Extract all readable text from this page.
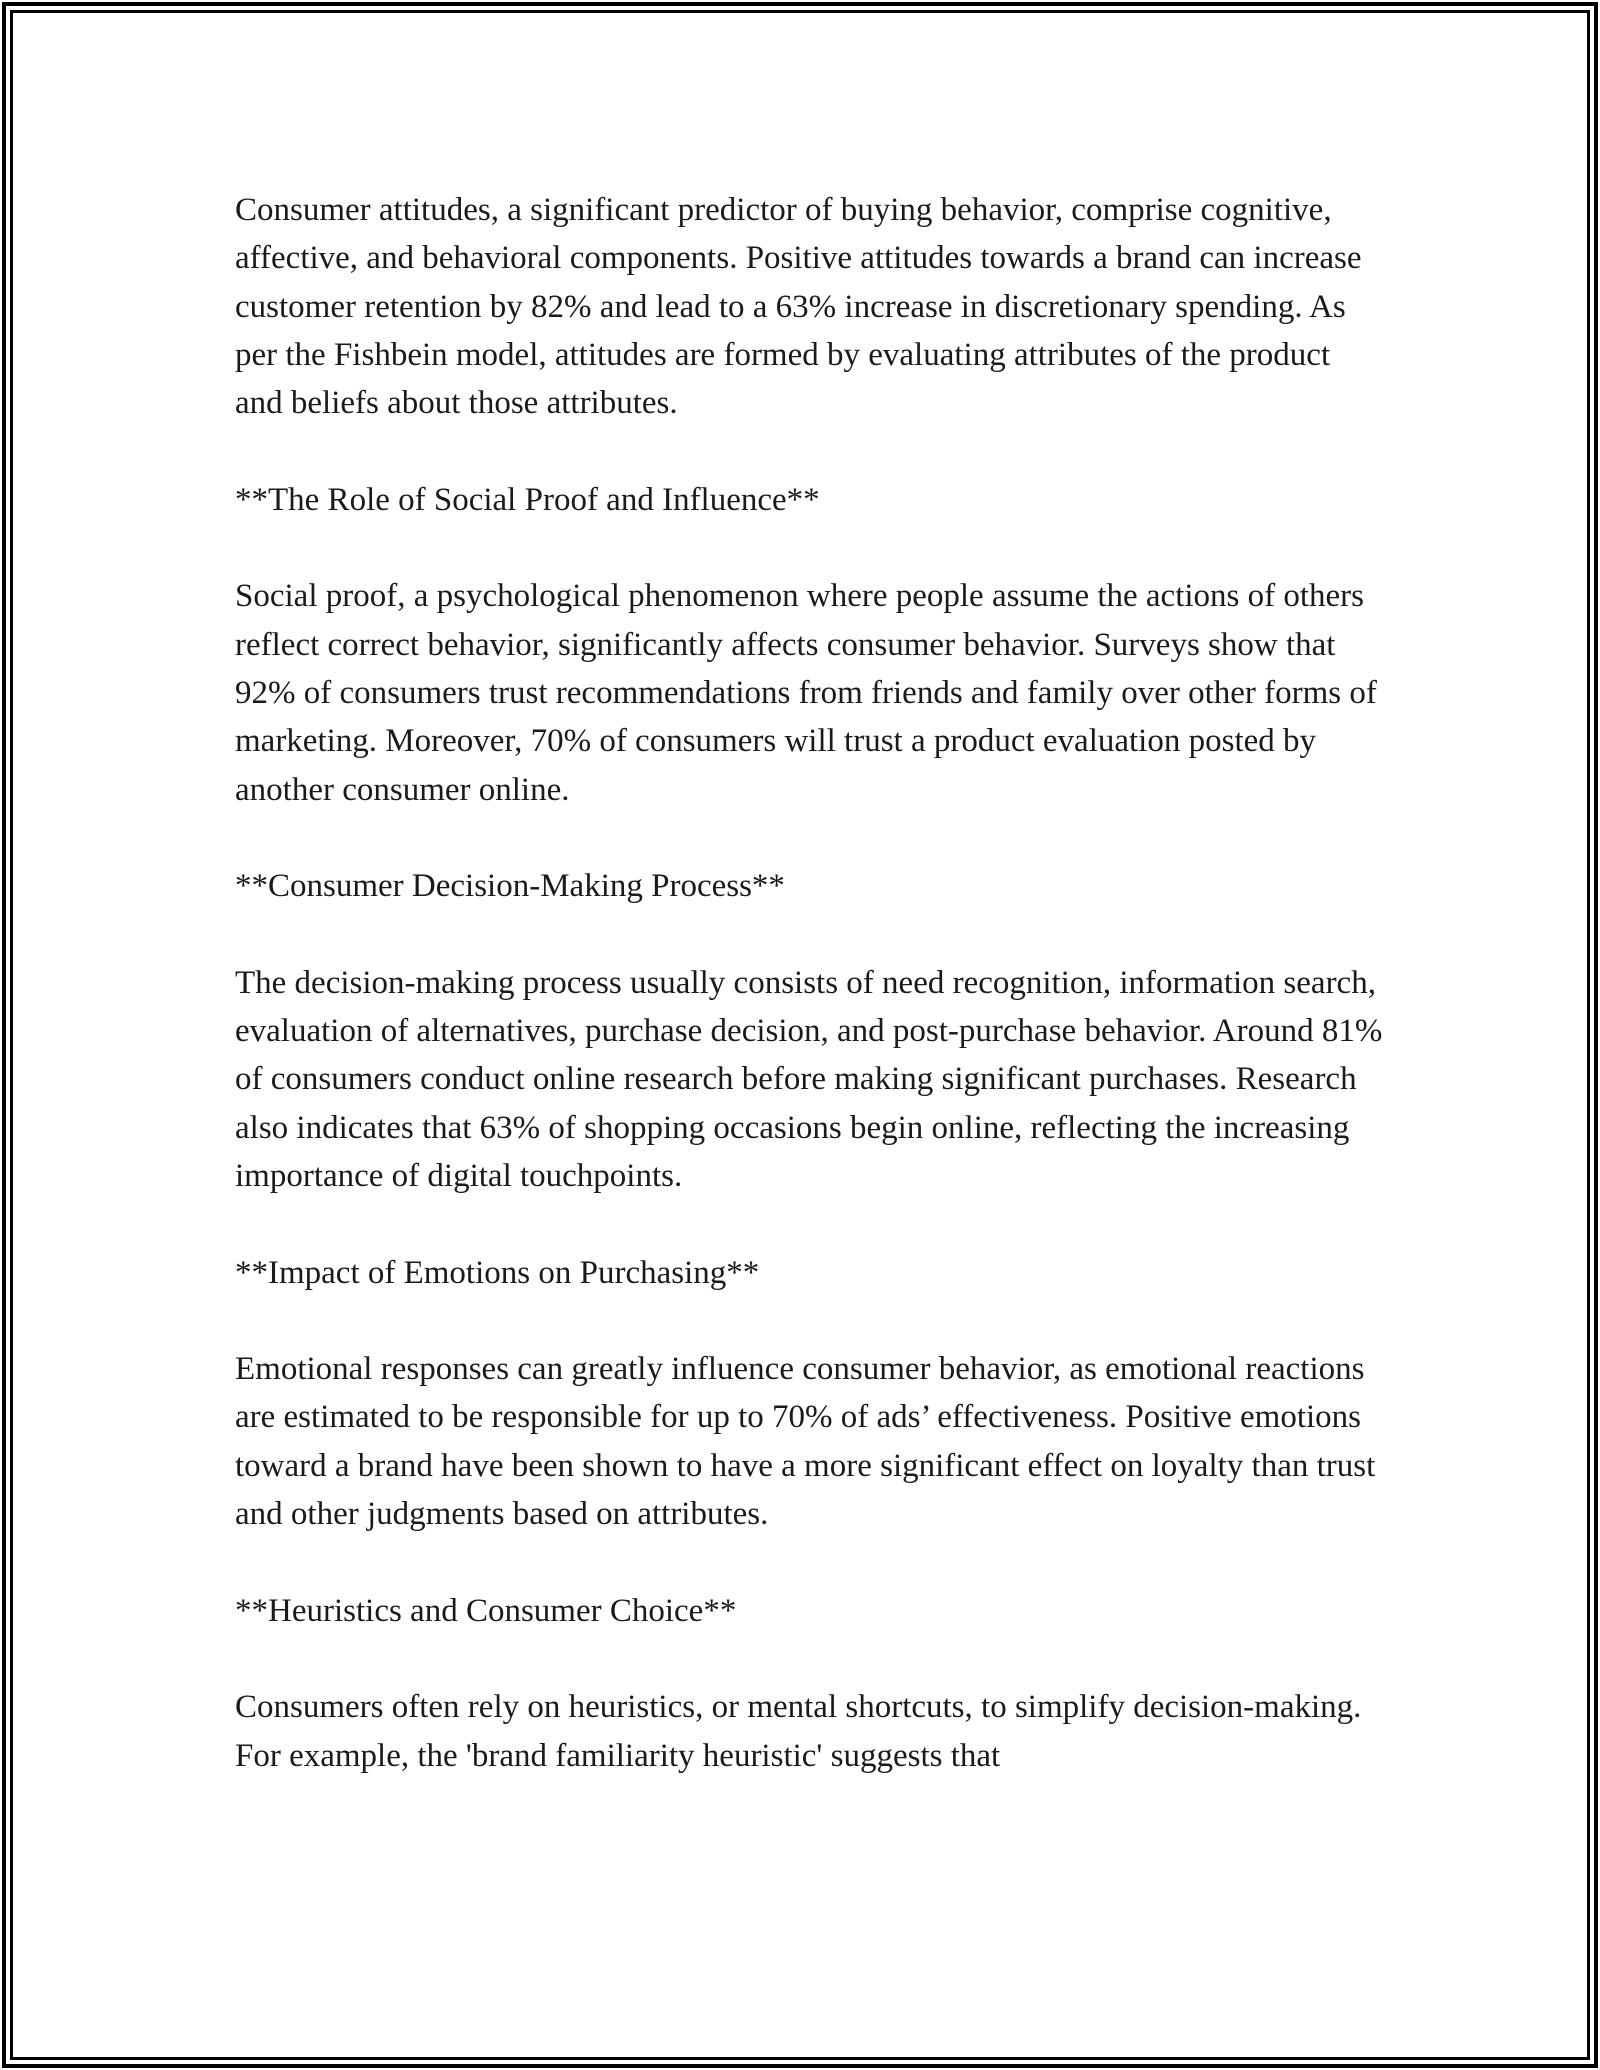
Consumer attitudes, a significant predictor of buying behavior, comprise cognitive, affective, and behavioral components. Positive attitudes towards a brand can increase customer retention by 82% and lead to a 63% increase in discretionary spending. As per the Fishbein model, attitudes are formed by evaluating attributes of the product and beliefs about those attributes.

**The Role of Social Proof and Influence**

Social proof, a psychological phenomenon where people assume the actions of others reflect correct behavior, significantly affects consumer behavior. Surveys show that 92% of consumers trust recommendations from friends and family over other forms of marketing. Moreover, 70% of consumers will trust a product evaluation posted by another consumer online.

**Consumer Decision-Making Process**

The decision-making process usually consists of need recognition, information search, evaluation of alternatives, purchase decision, and post-purchase behavior. Around 81% of consumers conduct online research before making significant purchases. Research also indicates that 63% of shopping occasions begin online, reflecting the increasing importance of digital touchpoints.

**Impact of Emotions on Purchasing**

Emotional responses can greatly influence consumer behavior, as emotional reactions are estimated to be responsible for up to 70% of ads’ effectiveness. Positive emotions toward a brand have been shown to have a more significant effect on loyalty than trust and other judgments based on attributes.

**Heuristics and Consumer Choice**

Consumers often rely on heuristics, or mental shortcuts, to simplify decision-making. For example, the 'brand familiarity heuristic' suggests that
